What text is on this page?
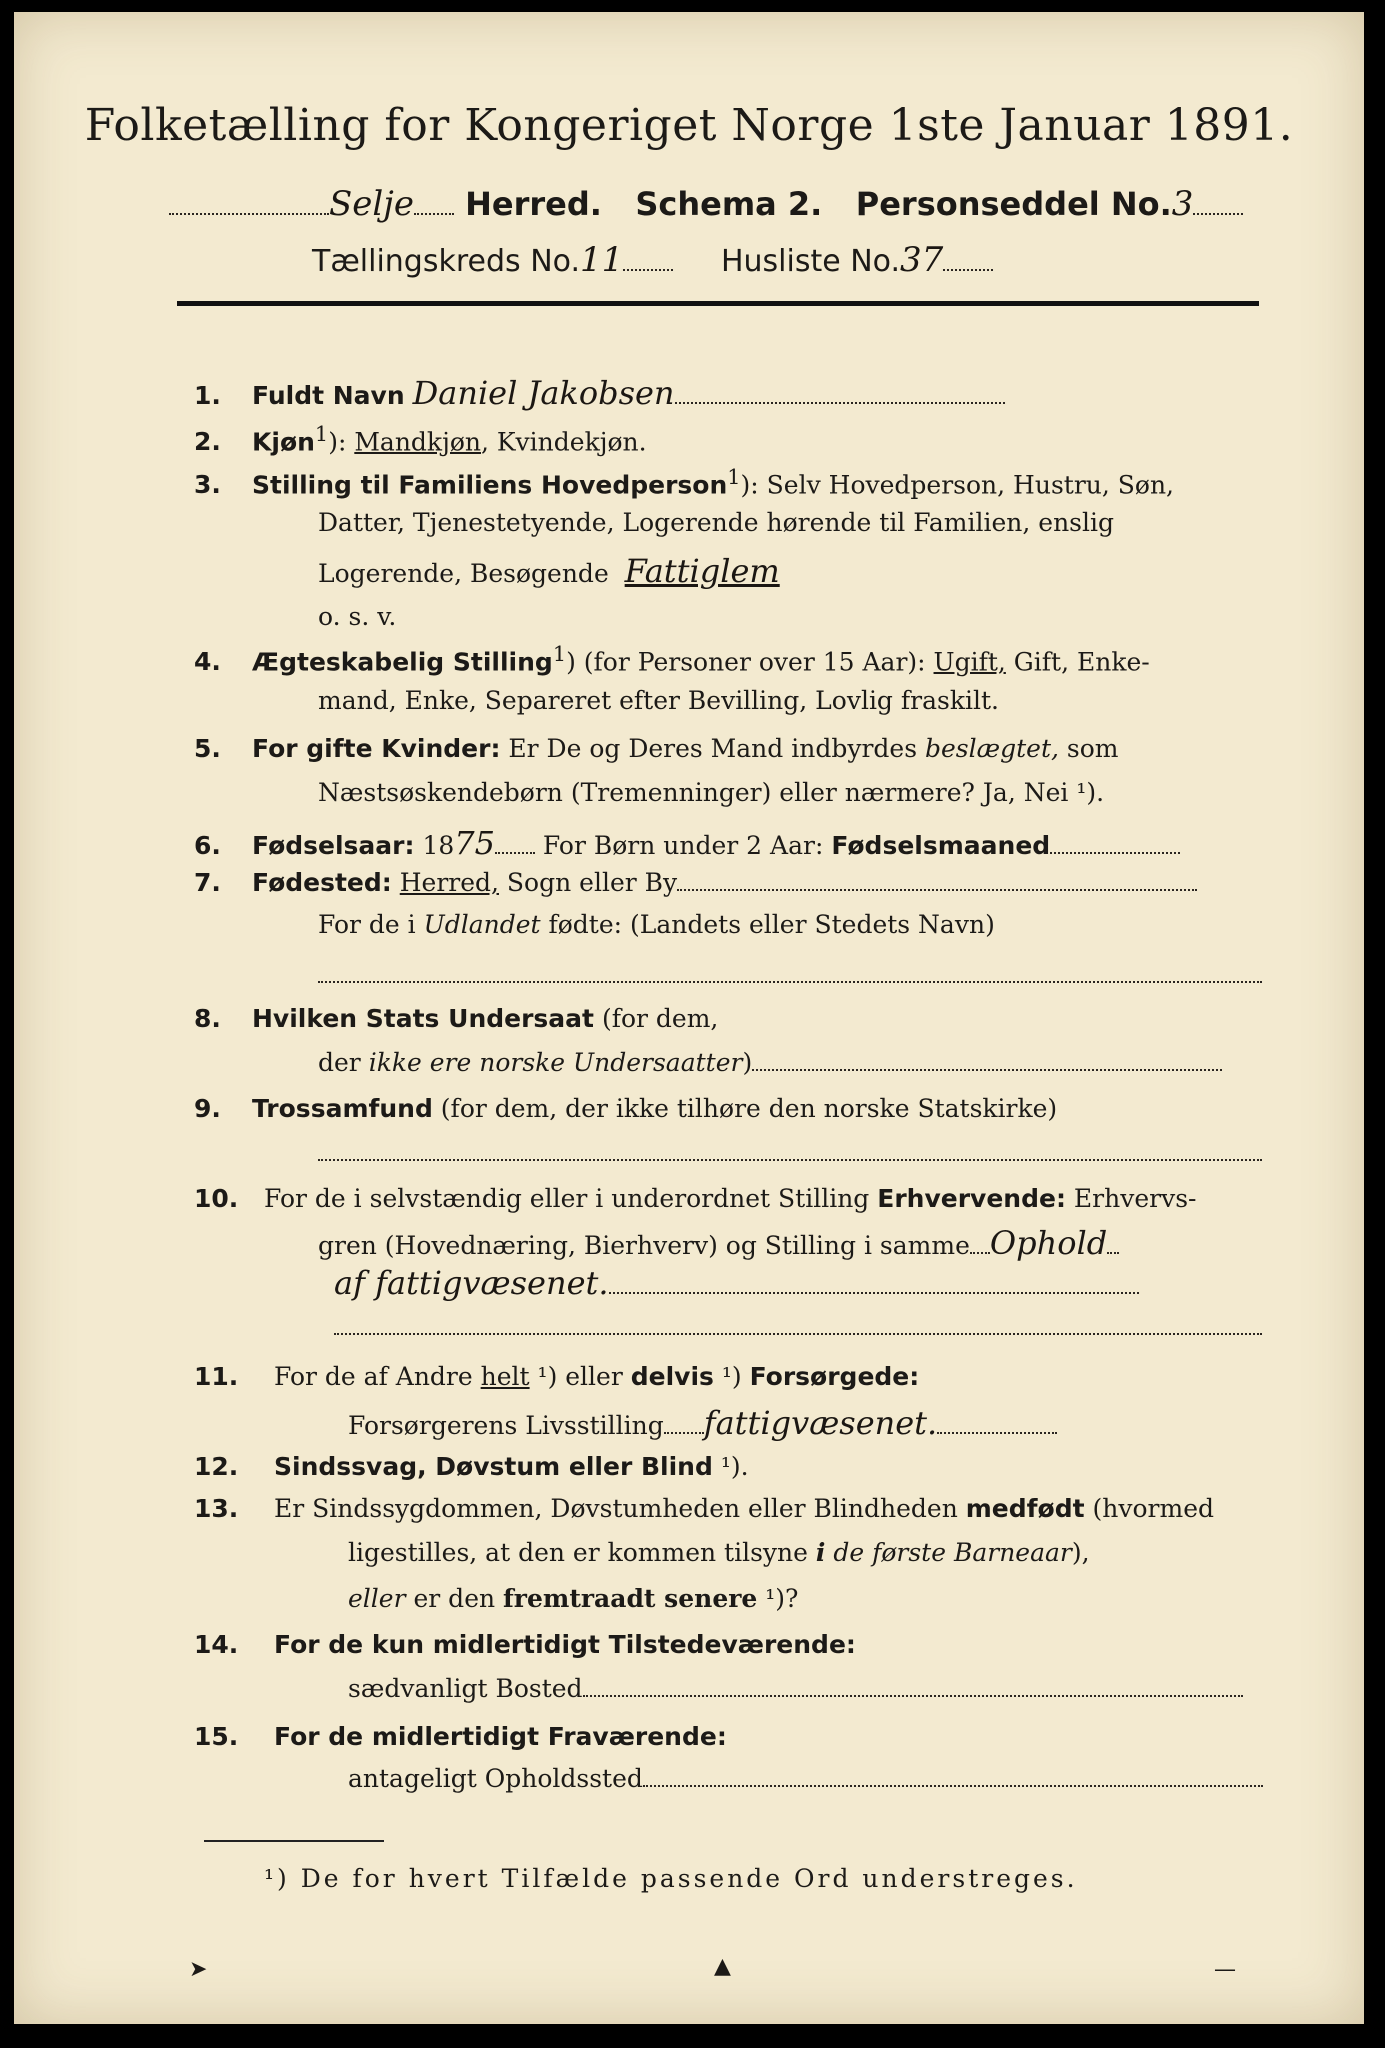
Folketælling for Kongeriget Norge 1ste Januar 1891.
Selje Herred. Schema 2. Personseddel No.3
Tællingskreds No.11	Husliste No.37
1. Fuldt Navn Daniel Jakobsen
2. Kjøn$^1$): Mandkjøn, Kvindekjøn.
3. Stilling til Familiens Hovedperson$^1$): Selv Hovedperson, Hustru, Søn,
Datter, Tjenestetyende, Logerende hørende til Familien, enslig
Logerende, Besøgende Fattiglem
o. s. v.
4. Ægteskabelig Stilling$^1$) (for Personer over 15 Aar): Ugift, Gift, Enke-
mand, Enke, Separeret efter Bevilling, Lovlig fraskilt.
5. For gifte Kvinder: Er De og Deres Mand indbyrdes beslægtet, som
Næstsøskendebørn (Tremenninger) eller nærmere? Ja, Nei ¹).
6. Fødselsaar: 1875 For Børn under 2 Aar: Fødselsmaaned
7. Fødested: Herred, Sogn eller By
For de i Udlandet fødte: (Landets eller Stedets Navn)
8. Hvilken Stats Undersaat (for dem,
der ikke ere norske Undersaatter)
9. Trossamfund (for dem, der ikke tilhøre den norske Statskirke)
10. For de i selvstændig eller i underordnet Stilling Erhvervende: Erhvervs-
gren (Hovednæring, Bierhverv) og Stilling i samme Ophold
af fattigvæsenet.
11. For de af Andre helt ¹) eller delvis ¹) Forsørgede:
Forsørgerens Livsstilling fattigvæsenet.
12. Sindssvag, Døvstum eller Blind ¹).
13. Er Sindssygdommen, Døvstumheden eller Blindheden medfødt (hvormed
ligestilles, at den er kommen tilsyne i de første Barneaar),
eller er den fremtraadt senere ¹)?
14. For de kun midlertidigt Tilstedeværende:
sædvanligt Bosted
15. For de midlertidigt Fraværende:
antageligt Opholdssted
¹) De for hvert Tilfælde passende Ord understreges.
➤	▲	—
